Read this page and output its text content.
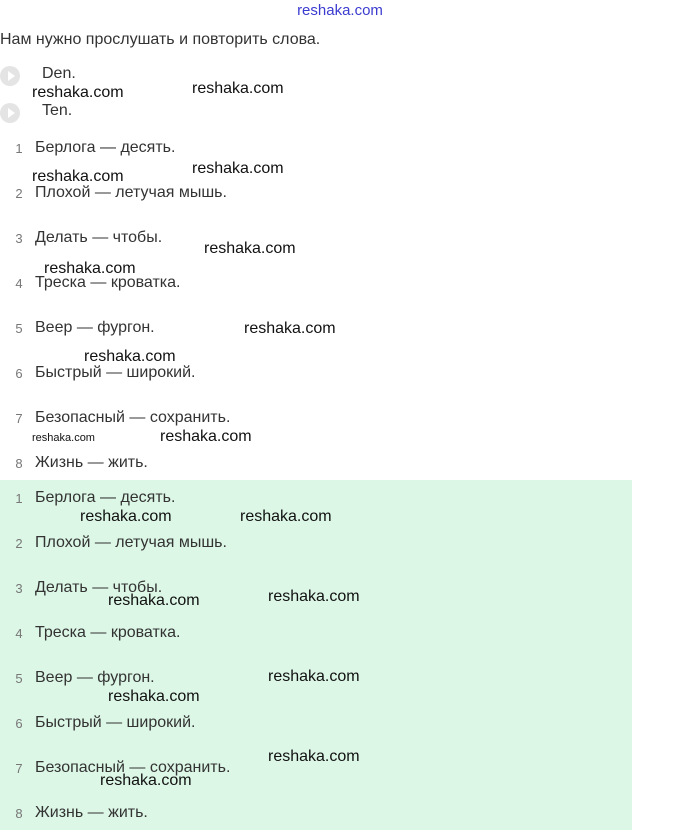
reshaka.com
Нам нужно прослушать и повторить слова.
Den.
Ten.
1 Берлога — десять.
2 Плохой — летучая мышь.
3 Делать — чтобы.
4 Треска — кроватка.
5 Веер — фургон.
6 Быстрый — широкий.
7 Безопасный — сохранить.
8 Жизнь — жить.
1 Берлога — десять.
2 Плохой — летучая мышь.
3 Делать — чтобы.
4 Треска — кроватка.
5 Веер — фургон.
6 Быстрый — широкий.
7 Безопасный — сохранить.
8 Жизнь — жить.
reshaka.com	reshaka.com
reshaka.com	reshaka.com
reshaka.com
reshaka.com
reshaka.com
reshaka.com
reshaka.com	reshaka.com
reshaka.com	reshaka.com
reshaka.com	reshaka.com
reshaka.com
reshaka.com
reshaka.com
reshaka.com
